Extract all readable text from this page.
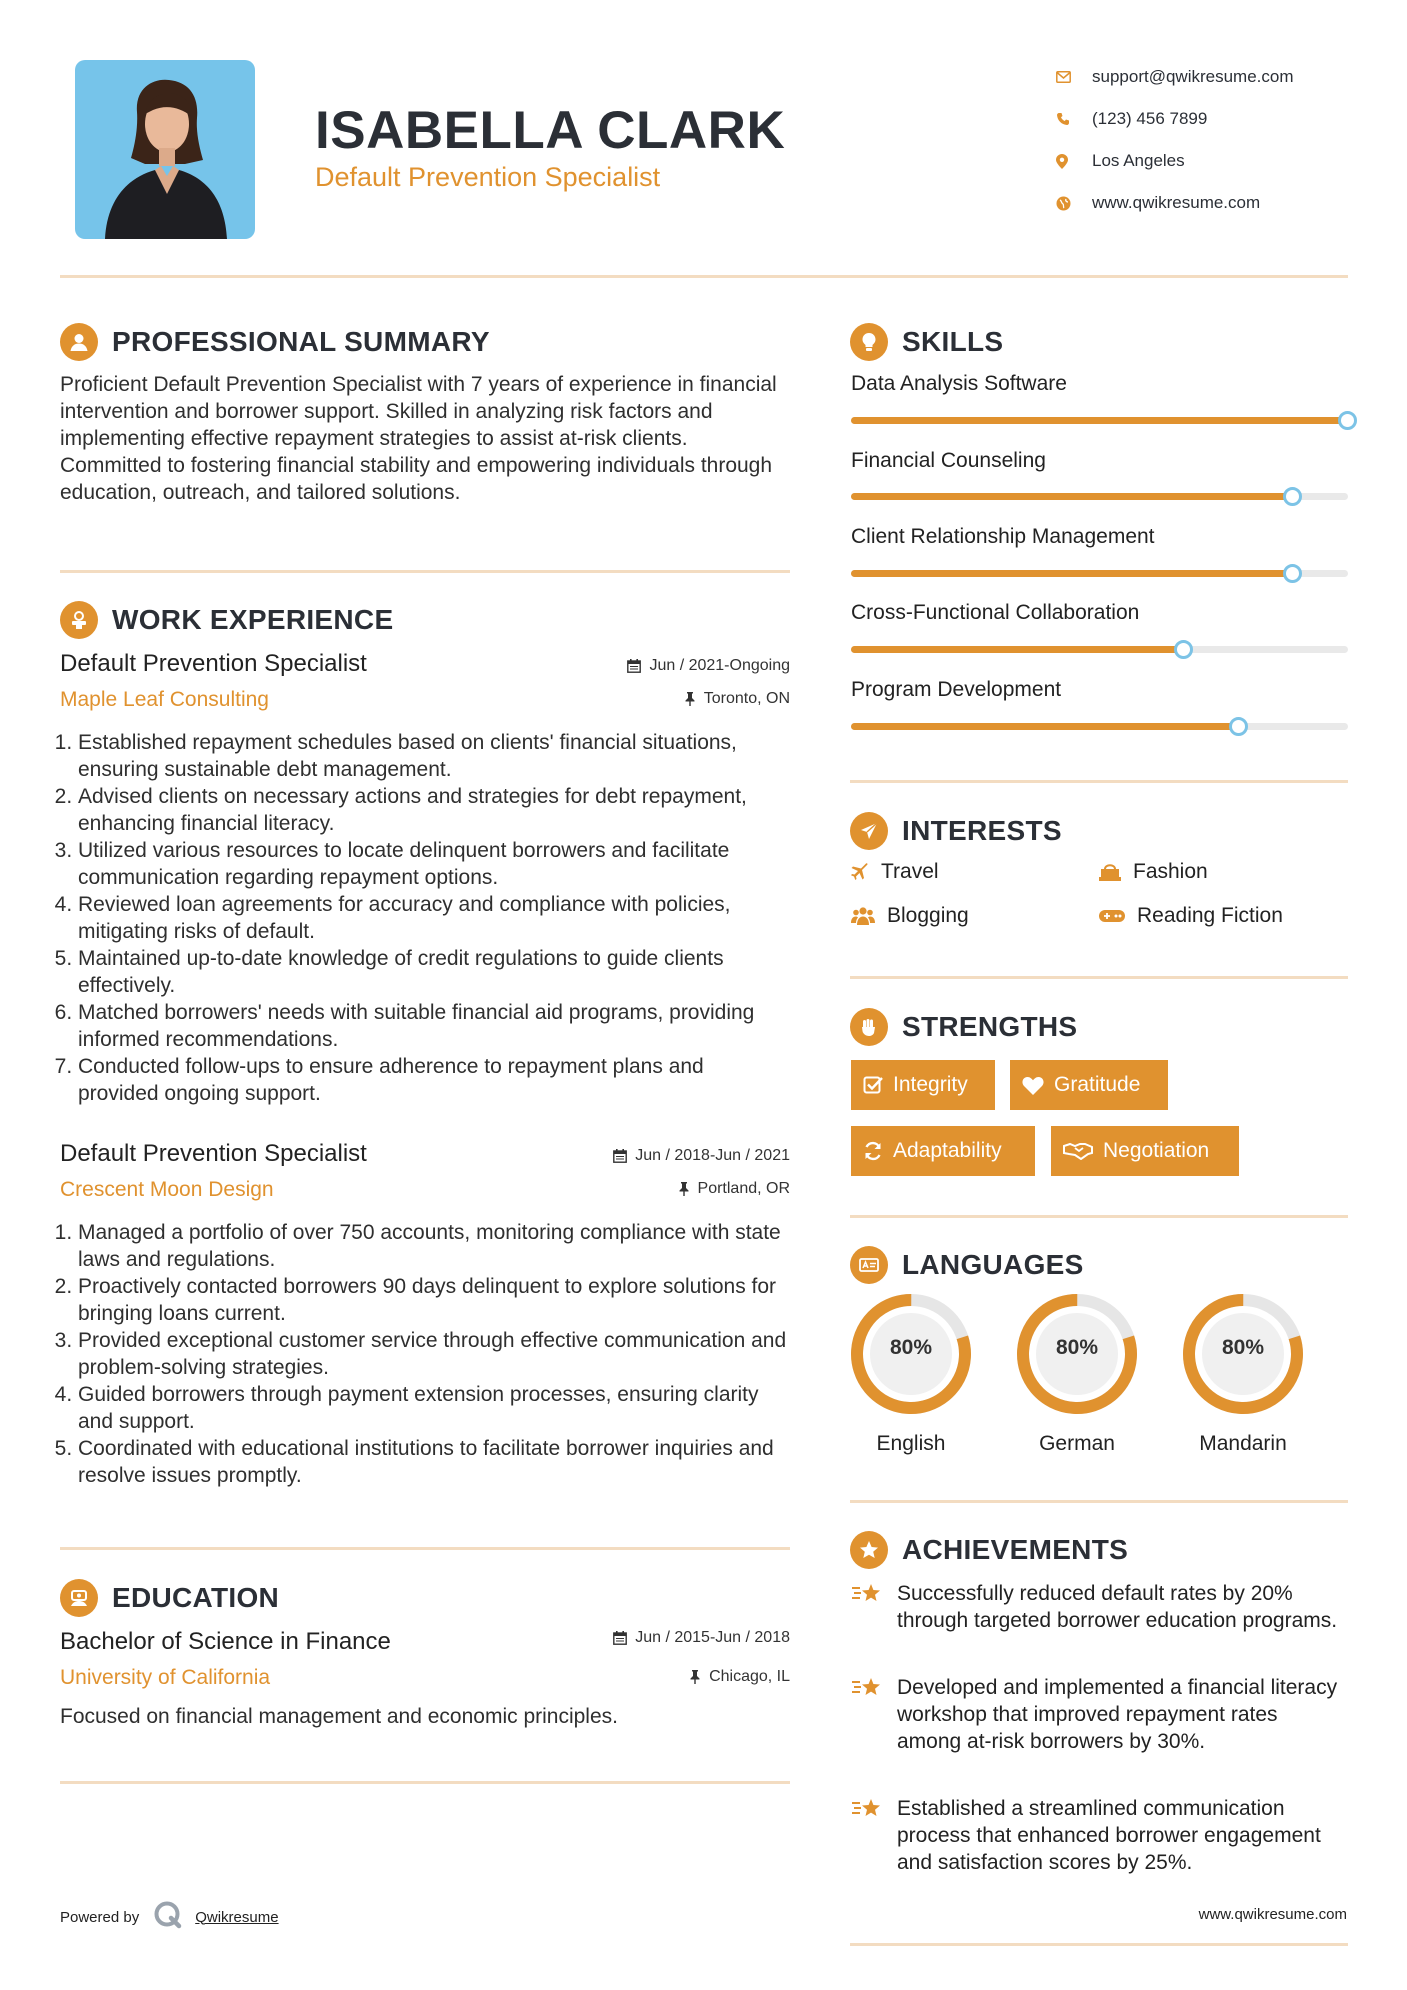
ISABELLA CLARK
Default Prevention Specialist
support@qwikresume.com
(123) 456 7899
Los Angeles
www.qwikresume.com
PROFESSIONAL SUMMARY
Proficient Default Prevention Specialist with 7 years of experience in financial intervention and borrower support. Skilled in analyzing risk factors and implementing effective repayment strategies to assist at-risk clients. Committed to fostering financial stability and empowering individuals through education, outreach, and tailored solutions.
WORK EXPERIENCE
Default Prevention Specialist
Maple Leaf Consulting
Jun / 2021-Ongoing
Toronto, ON
1. Established repayment schedules based on clients' financial situations, ensuring sustainable debt management.
2. Advised clients on necessary actions and strategies for debt repayment, enhancing financial literacy.
3. Utilized various resources to locate delinquent borrowers and facilitate communication regarding repayment options.
4. Reviewed loan agreements for accuracy and compliance with policies, mitigating risks of default.
5. Maintained up-to-date knowledge of credit regulations to guide clients effectively.
6. Matched borrowers' needs with suitable financial aid programs, providing informed recommendations.
7. Conducted follow-ups to ensure adherence to repayment plans and provided ongoing support.
Default Prevention Specialist
Crescent Moon Design
Jun / 2018-Jun / 2021
Portland, OR
1. Managed a portfolio of over 750 accounts, monitoring compliance with state laws and regulations.
2. Proactively contacted borrowers 90 days delinquent to explore solutions for bringing loans current.
3. Provided exceptional customer service through effective communication and problem-solving strategies.
4. Guided borrowers through payment extension processes, ensuring clarity and support.
5. Coordinated with educational institutions to facilitate borrower inquiries and resolve issues promptly.
EDUCATION
Bachelor of Science in Finance
University of California
Jun / 2015-Jun / 2018
Chicago, IL
Focused on financial management and economic principles.
SKILLS
Data Analysis Software
Financial Counseling
Client Relationship Management
Cross-Functional Collaboration
Program Development
INTERESTS
Travel	Fashion
Blogging	Reading Fiction
STRENGTHS
Integrity	Gratitude
Adaptability	Negotiation
LANGUAGES
80%
English
80%
German
80%
Mandarin
ACHIEVEMENTS
Successfully reduced default rates by 20% through targeted borrower education programs.
Developed and implemented a financial literacy workshop that improved repayment rates among at-risk borrowers by 30%.
Established a streamlined communication process that enhanced borrower engagement and satisfaction scores by 25%.
Powered by	Qwikresume	www.qwikresume.com
